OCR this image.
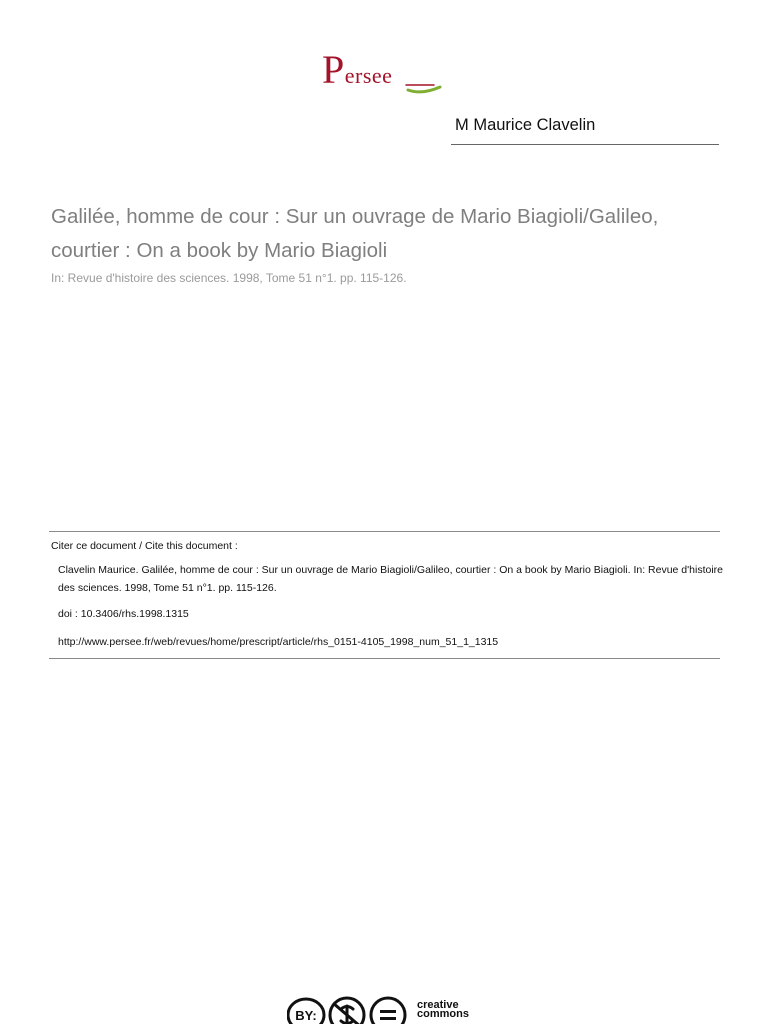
Persee
M Maurice Clavelin
Galilée, homme de cour : Sur un ouvrage de Mario Biagioli/Galileo, courtier : On a book by Mario Biagioli
In: Revue d'histoire des sciences. 1998, Tome 51 n°1. pp. 115-126.
Citer ce document / Cite this document :

Clavelin Maurice. Galilée, homme de cour : Sur un ouvrage de Mario Biagioli/Galileo, courtier : On a book by Mario Biagioli. In: Revue d'histoire des sciences. 1998, Tome 51 n°1. pp. 115-126.

doi : 10.3406/rhs.1998.1315
http://www.persee.fr/web/revues/home/prescript/article/rhs_0151-4105_1998_num_51_1_1315
BY:
creative
commons
